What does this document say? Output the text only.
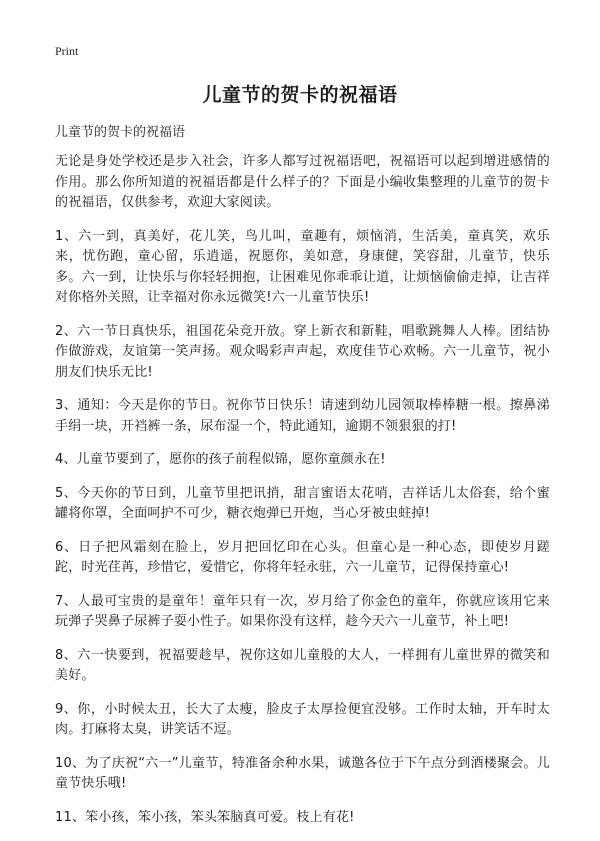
Print
儿童节的贺卡的祝福语
儿童节的贺卡的祝福语

无论是身处学校还是步入社会，许多人都写过祝福语吧，祝福语可以起到增进感情的作用。那么你所知道的祝福语都是什么样子的？下面是小编收集整理的儿童节的贺卡的祝福语，仅供参考，欢迎大家阅读。

1、六一到，真美好，花儿笑，鸟儿叫，童趣有，烦恼消，生活美，童真笑，欢乐来，忧伤跑，童心留，乐逍遥，祝愿你，美如意，身康健，笑容甜，儿童节，快乐多。六一到，让快乐与你轻轻拥抱，让困难见你乖乖让道，让烦恼偷偷走掉，让吉祥对你格外关照，让幸福对你永远微笑!六一儿童节快乐!

2、六一节日真快乐，祖国花朵竞开放。穿上新衣和新鞋，唱歌跳舞人人棒。团结协作做游戏，友谊第一笑声扬。观众喝彩声声起，欢度佳节心欢畅。六一儿童节，祝小朋友们快乐无比!

3、通知：今天是你的节日。祝你节日快乐！请速到幼儿园领取棒棒糖一根。擦鼻涕手绢一块，开裆裤一条，尿布湿一个，特此通知，逾期不领狠狠的打!

4、儿童节要到了，愿你的孩子前程似锦，愿你童颜永在!

5、今天你的节日到，儿童节里把讯捎，甜言蜜语太花哨，吉祥话儿太俗套，给个蜜罐将你罩，全面呵护不可少，糖衣炮弹已开炮，当心牙被虫蛀掉!

6、日子把风霜刻在脸上，岁月把回忆印在心头。但童心是一种心态，即使岁月蹉跎，时光荏苒，珍惜它，爱惜它，你将年轻永驻，六一儿童节，记得保持童心!

7、人最可宝贵的是童年！童年只有一次，岁月给了你金色的童年，你就应该用它来玩弹子哭鼻子尿裤子耍小性子。如果你没有这样，趁今天六一儿童节，补上吧!

8、六一快要到，祝福要趁早，祝你这如儿童般的大人，一样拥有儿童世界的微笑和美好。

9、你，小时候太丑，长大了太瘦，脸皮子太厚捡便宜没够。工作时太轴，开车时太肉。打麻将太臭，讲笑话不逗。

10、为了庆祝“六一”儿童节，特准备余种水果，诚邀各位于下午点分到酒楼聚会。儿童节快乐哦!

11、笨小孩，笨小孩，笨头笨脑真可爱。枝上有花!
